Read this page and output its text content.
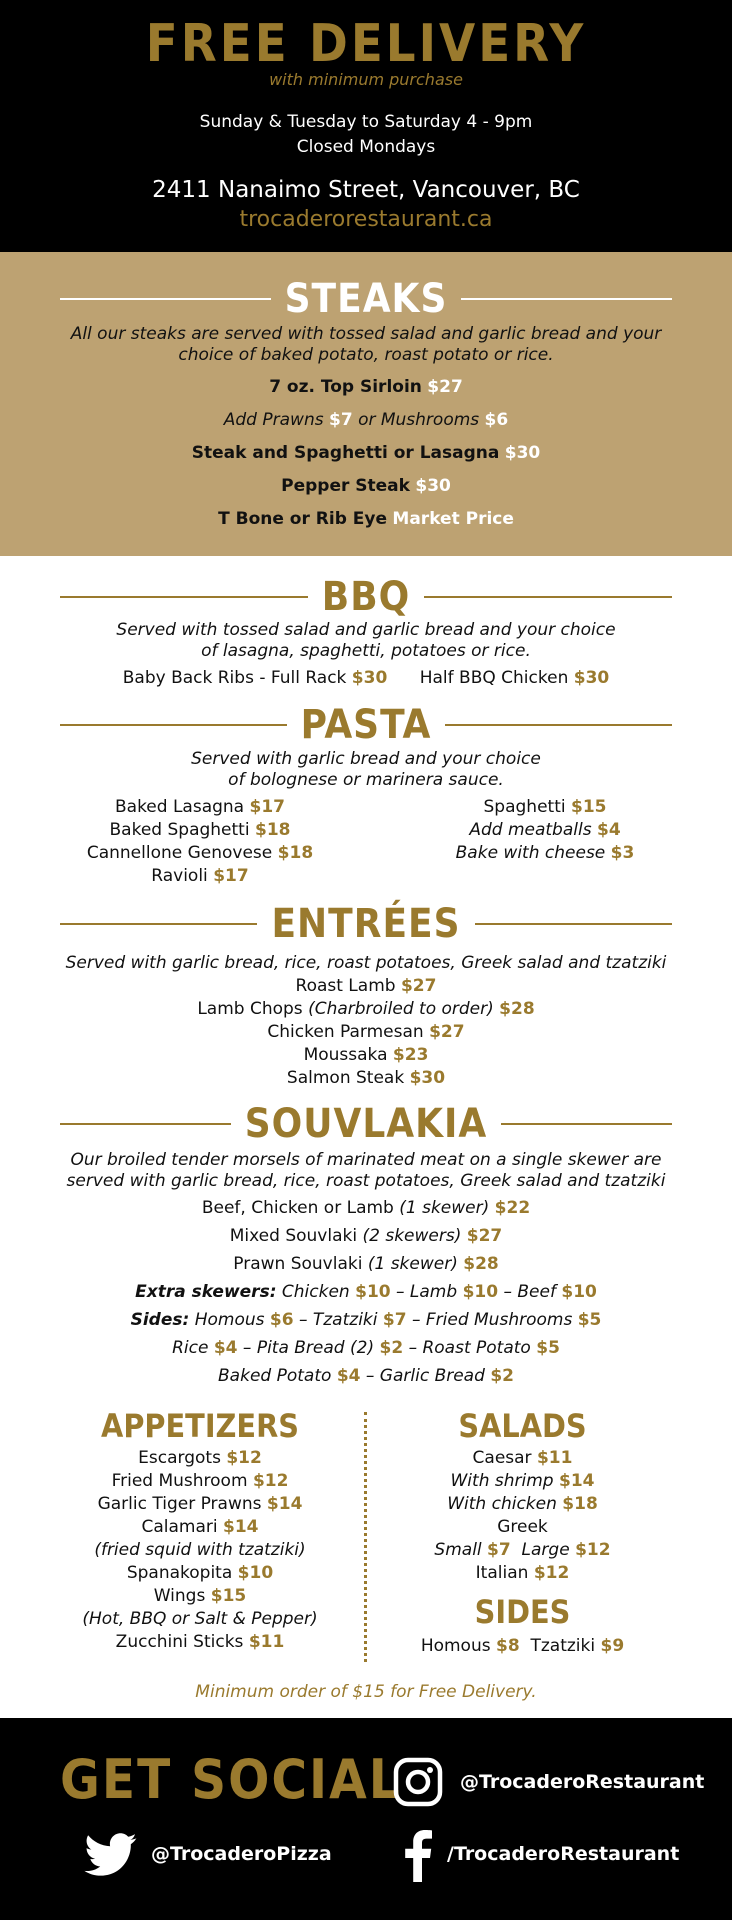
FREE DELIVERY
with minimum purchase
Sunday & Tuesday to Saturday 4 - 9pm
Closed Mondays
2411 Nanaimo Street, Vancouver, BC
trocaderorestaurant.ca
STEAKS
All our steaks are served with tossed salad and garlic bread and your
choice of baked potato, roast potato or rice.
7 oz. Top Sirloin $27
Add Prawns $7 or Mushrooms $6
Steak and Spaghetti or Lasagna $30
Pepper Steak $30
T Bone or Rib Eye Market Price
BBQ
Served with tossed salad and garlic bread and your choice
of lasagna, spaghetti, potatoes or rice.
Baby Back Ribs - Full Rack $30 Half BBQ Chicken $30
PASTA
Served with garlic bread and your choice
of bolognese or marinera sauce.
Baked Lasagna $17
Baked Spaghetti $18
Cannellone Genovese $18
Ravioli $17
Spaghetti $15
Add meatballs $4
Bake with cheese $3
ENTRÉES
Served with garlic bread, rice, roast potatoes, Greek salad and tzatziki
Roast Lamb $27
Lamb Chops (Charbroiled to order) $28
Chicken Parmesan $27
Moussaka $23
Salmon Steak $30
SOUVLAKIA
Our broiled tender morsels of marinated meat on a single skewer are
served with garlic bread, rice, roast potatoes, Greek salad and tzatziki
Beef, Chicken or Lamb (1 skewer) $22
Mixed Souvlaki (2 skewers) $27
Prawn Souvlaki (1 skewer) $28
Extra skewers: Chicken $10 – Lamb $10 – Beef $10
Sides: Homous $6 – Tzatziki $7 – Fried Mushrooms $5
Rice $4 – Pita Bread (2) $2 – Roast Potato $5
Baked Potato $4 – Garlic Bread $2
APPETIZERS
Escargots $12
Fried Mushroom $12
Garlic Tiger Prawns $14
Calamari $14
(fried squid with tzatziki)
Spanakopita $10
Wings $15
(Hot, BBQ or Salt & Pepper)
Zucchini Sticks $11
SALADS
Caesar $11
With shrimp $14
With chicken $18
Greek
Small $7 Large $12
Italian $12
SIDES
Homous $8 Tzatziki $9
Minimum order of $15 for Free Delivery.
GET SOCIAL	@TrocaderoRestaurant
@TrocaderoPizza	/TrocaderoRestaurant
